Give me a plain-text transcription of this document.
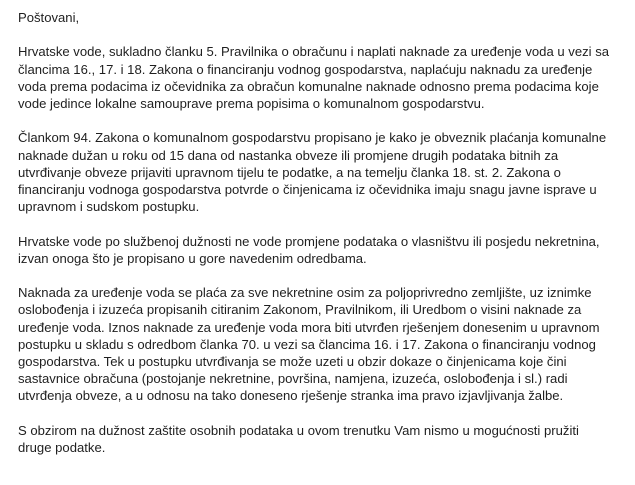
Poštovani,

Hrvatske vode, sukladno članku 5. Pravilnika o obračunu i naplati naknade za uređenje voda u vezi sa
člancima 16., 17. i 18. Zakona o financiranju vodnog gospodarstva, naplaćuju naknadu za uređenje
voda prema podacima iz očevidnika za obračun komunalne naknade odnosno prema podacima koje
vode jedince lokalne samouprave prema popisima o komunalnom gospodarstvu.

Člankom 94. Zakona o komunalnom gospodarstvu propisano je kako je obveznik plaćanja komunalne
naknade dužan u roku od 15 dana od nastanka obveze ili promjene drugih podataka bitnih za
utvrđivanje obveze prijaviti upravnom tijelu te podatke, a na temelju članka 18. st. 2. Zakona o
financiranju vodnoga gospodarstva potvrde o činjenicama iz očevidnika imaju snagu javne isprave u
upravnom i sudskom postupku.

Hrvatske vode po službenoj dužnosti ne vode promjene podataka o vlasništvu ili posjedu nekretnina,
izvan onoga što je propisano u gore navedenim odredbama.

Naknada za uređenje voda se plaća za sve nekretnine osim za poljoprivredno zemljište, uz iznimke
oslobođenja i izuzeća propisanih citiranim Zakonom, Pravilnikom, ili Uredbom o visini naknade za
uređenje voda. Iznos naknade za uređenje voda mora biti utvrđen rješenjem donesenim u upravnom
postupku u skladu s odredbom članka 70. u vezi sa člancima 16. i 17. Zakona o financiranju vodnog
gospodarstva. Tek u postupku utvrđivanja se može uzeti u obzir dokaze o činjenicama koje čini
sastavnice obračuna (postojanje nekretnine, površina, namjena, izuzeća, oslobođenja i sl.) radi
utvrđenja obveze, a u odnosu na tako doneseno rješenje stranka ima pravo izjavljivanja žalbe.

S obzirom na dužnost zaštite osobnih podataka u ovom trenutku Vam nismo u mogućnosti pružiti
druge podatke.
